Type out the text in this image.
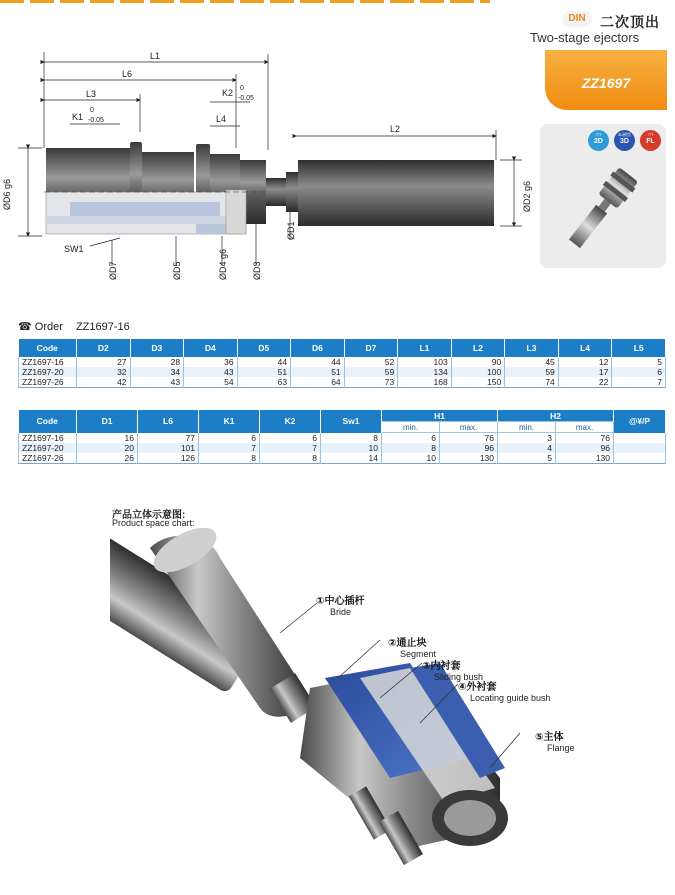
DIN	二次顶出
Two-stage ejectors
ZZ1697
ｿﾌﾄ
2D
3D模型
3D
ｿﾌﾄ
FL
L1
L6
L3
K1
0
-0.05
K2 0
-0.05
L4
L2
ØD6 g6	ØD2 g6
SW1
ØD7	ØD5	ØD4 g6	ØD3
ØD1
☎ Order ZZ1697-16
Code	D2	D3	D4	D5	D6	D7	L1	L2	L3	L4	L5
ZZ1697-16	27	28	36	44	44	52	103	90	45	12	5
ZZ1697-20	32	34	43	51	51	59	134	100	59	17	6
ZZ1697-26	42	43	54	63	64	73	168	150	74	22	7
Code	D1	L6	K1	K2	Sw1	H1		H2		@¥/P
						min.	max.	min.	max.	
ZZ1697-16	16	77	6	6	8	6	76	3	76	
ZZ1697-20	20	101	7	7	10	8	96	4	96	
ZZ1697-26	26	126	8	8	14	10	130	5	130	
产品立体示意图:
Product space chart:
①中心插杆
Bride
②通止块
Segment
③内衬套
Sliding bush
④外衬套
Locating guide bush
⑤主体
Flange
